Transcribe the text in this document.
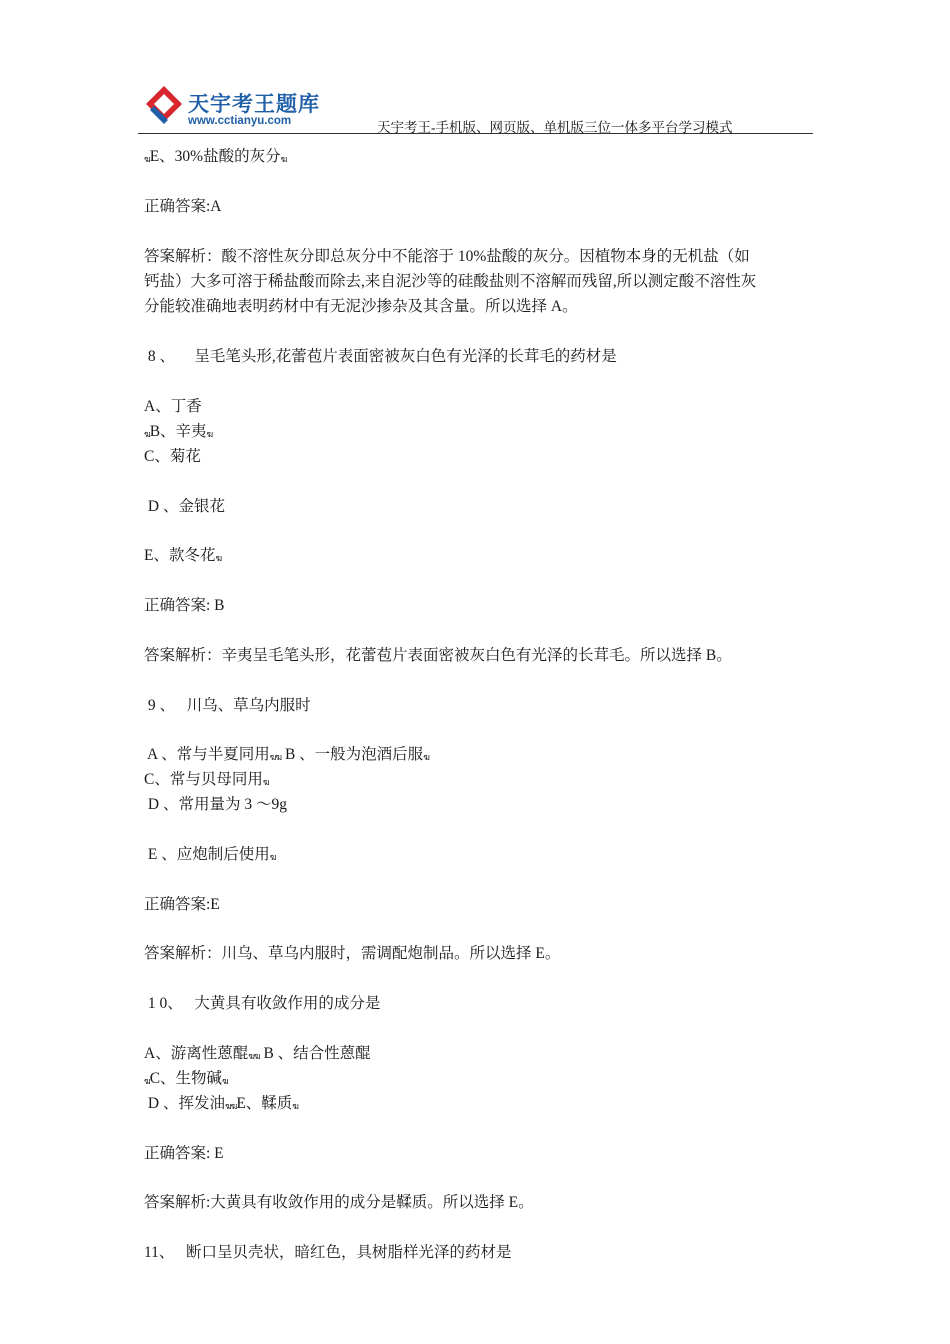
天宇考王题库
www.cctianyu.com	天宇考王-手机版、网页版、单机版三位一体多平台学习模式
ฆE、30%盐酸的灰分ฆ
正确答案:A
答案解析：酸不溶性灰分即总灰分中不能溶于 10%盐酸的灰分。因植物本身的无机盐（如
钙盐）大多可溶于稀盐酸而除去,来自泥沙等的硅酸盐则不溶解而残留,所以测定酸不溶性灰
分能较准确地表明药材中有无泥沙掺杂及其含量。所以选择 A。
8 、     呈毛笔头形,花蕾苞片表面密被灰白色有光泽的长茸毛的药材是
A、丁香
ฆB、辛夷ฆ
C、菊花
D 、金银花
E、款冬花ฆ
正确答案: B
答案解析：辛夷呈毛笔头形，花蕾苞片表面密被灰白色有光泽的长茸毛。所以选择 B。
9 、   川乌、草乌内服时
A 、常与半夏同用ฆฆ B 、一般为泡酒后服ฆ
C、常与贝母同用ฆ
D 、常用量为 3 ～9g
E 、应炮制后使用ฆ
正确答案:E
答案解析：川乌、草乌内服时，需调配炮制品。所以选择 E。
1 0、   大黄具有收敛作用的成分是
A、游离性蒽醌ฆฆ B 、结合性蒽醌
ฆC、生物碱ฆ
D 、挥发油ฆฆE、鞣质ฆ
正确答案: E
答案解析:大黄具有收敛作用的成分是鞣质。所以选择 E。
11、   断口呈贝壳状，暗红色，具树脂样光泽的药材是
